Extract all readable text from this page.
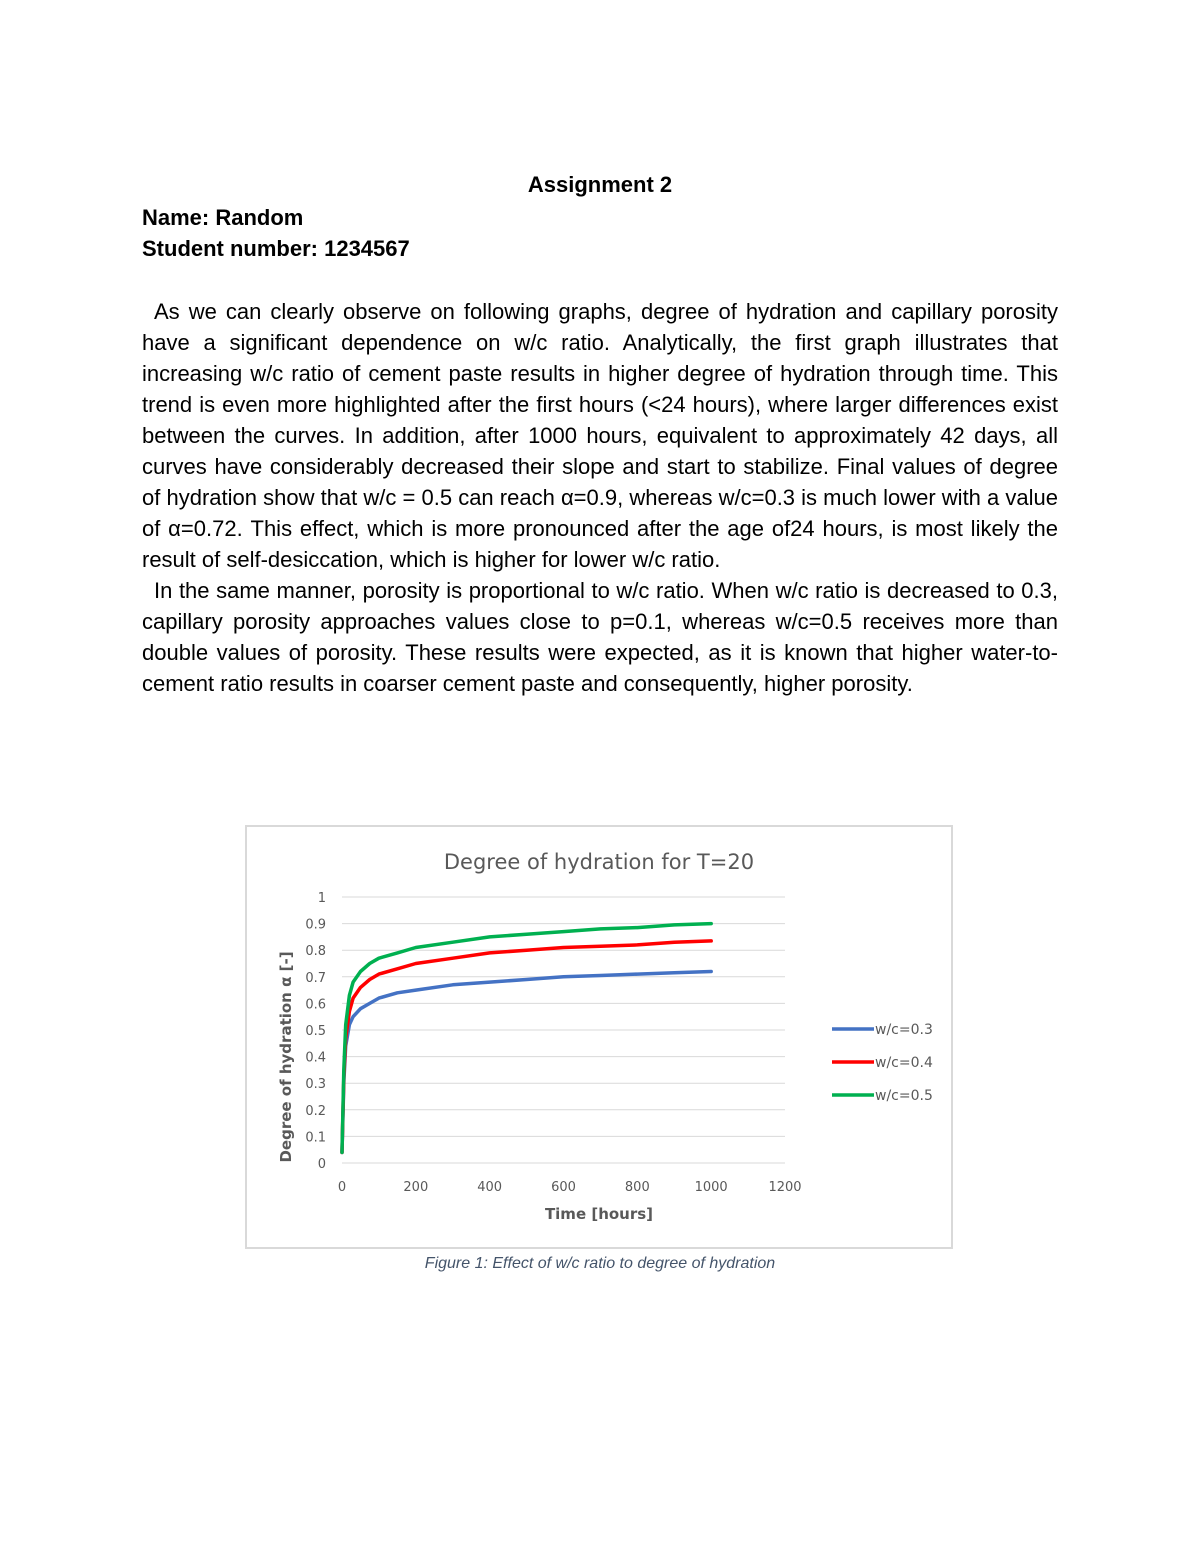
Assignment 2
Name: Random
Student number: 1234567

As we can clearly observe on following graphs, degree of hydration and capillary porosity have a significant dependence on w/c ratio. Analytically, the first graph illustrates that increasing w/c ratio of cement paste results in higher degree of hydration through time. This trend is even more highlighted after the first hours (<24 hours), where larger differences exist between the curves. In addition, after 1000 hours, equivalent to approximately 42 days, all curves have considerably decreased their slope and start to stabilize. Final values of degree of hydration show that w/c = 0.5 can reach α=0.9, whereas w/c=0.3 is much lower with a value of α=0.72. This effect, which is more pronounced after the age of24 hours, is most likely the result of self-desiccation, which is higher for lower w/c ratio.

In the same manner, porosity is proportional to w/c ratio. When w/c ratio is decreased to 0.3, capillary porosity approaches values close to p=0.1, whereas w/c=0.5 receives more than double values of porosity. These results were expected, as it is known that higher water-to-cement ratio results in coarser cement paste and consequently, higher porosity.

Degree of hydration for T=20
0
0.1
0.2
0.3
0.4
0.5
0.6
0.7
0.8
0.9
1
0	200	400	600	800	1000	1200
w/c=0.3
w/c=0.4
w/c=0.5
Time [hours]
Degree of hydration α [-]
Figure 1: Effect of w/c ratio to degree of hydration
